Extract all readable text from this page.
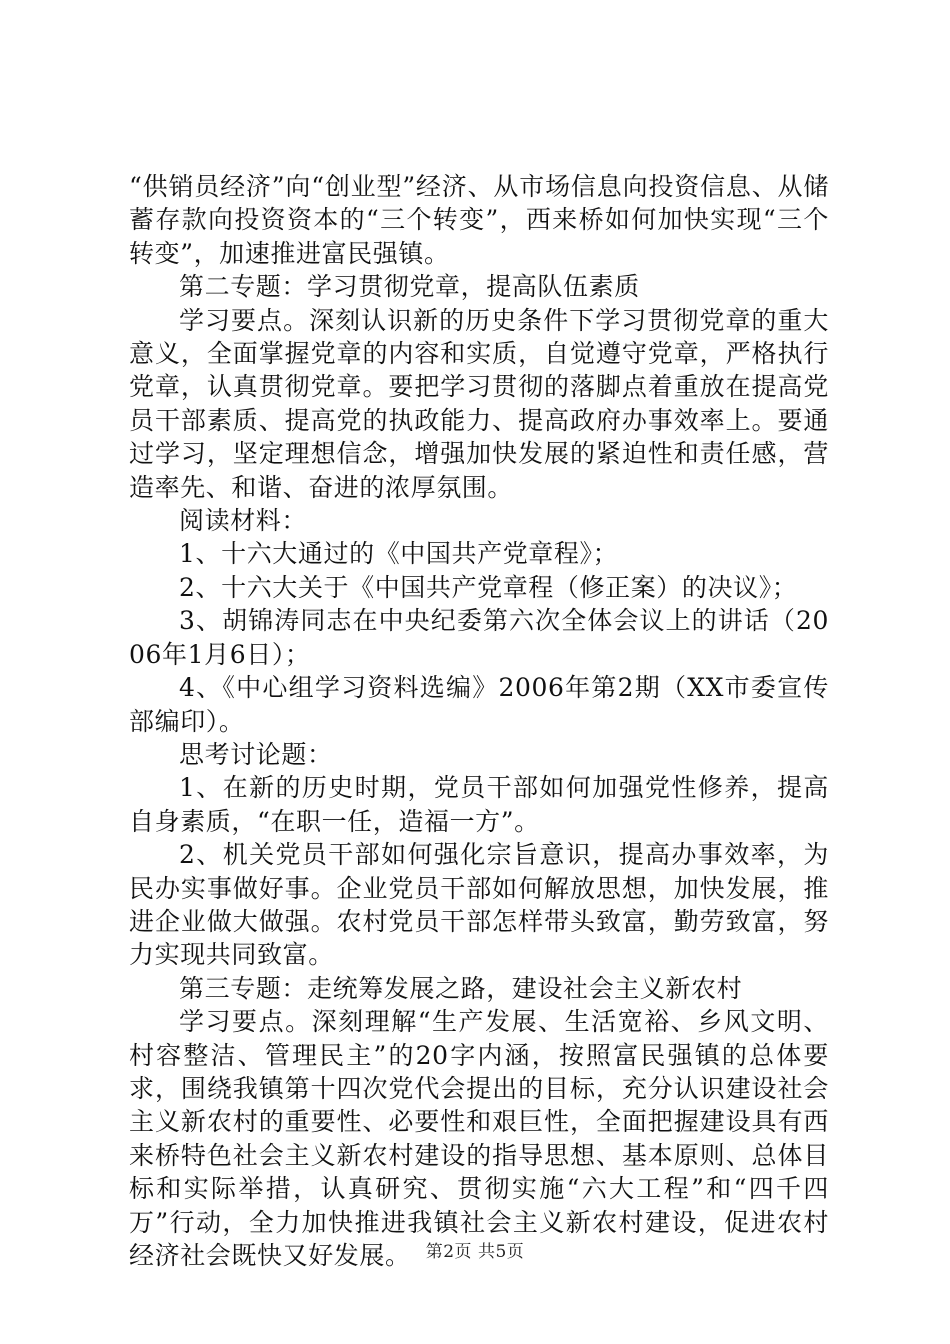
“供销员经济”向“创业型”经济、从市场信息向投资信息、从储蓄存款向投资资本的“三个转变”，西来桥如何加快实现“三个转变”，加速推进富民强镇。

第二专题：学习贯彻党章，提高队伍素质

学习要点。深刻认识新的历史条件下学习贯彻党章的重大意义，全面掌握党章的内容和实质，自觉遵守党章，严格执行党章，认真贯彻党章。要把学习贯彻的落脚点着重放在提高党员干部素质、提高党的执政能力、提高政府办事效率上。要通过学习，坚定理想信念，增强加快发展的紧迫性和责任感，营造率先、和谐、奋进的浓厚氛围。

阅读材料：

1、十六大通过的《中国共产党章程》；

2、十六大关于《中国共产党章程（修正案）的决议》；

3、胡锦涛同志在中央纪委第六次全体会议上的讲话（2006年1月6日）；

4、《中心组学习资料选编》2006年第2期（XX市委宣传部编印）。

思考讨论题：

1、在新的历史时期，党员干部如何加强党性修养，提高自身素质，“在职一任，造福一方”。

2、机关党员干部如何强化宗旨意识，提高办事效率，为民办实事做好事。企业党员干部如何解放思想，加快发展，推进企业做大做强。农村党员干部怎样带头致富，勤劳致富，努力实现共同致富。

第三专题：走统筹发展之路，建设社会主义新农村

学习要点。深刻理解“生产发展、生活宽裕、乡风文明、村容整洁、管理民主”的20字内涵，按照富民强镇的总体要求，围绕我镇第十四次党代会提出的目标，充分认识建设社会主义新农村的重要性、必要性和艰巨性，全面把握建设具有西来桥特色社会主义新农村建设的指导思想、基本原则、总体目标和实际举措，认真研究、贯彻实施“六大工程”和“四千四万”行动，全力加快推进我镇社会主义新农村建设，促进农村经济社会既快又好发展。 第2页 共5页
